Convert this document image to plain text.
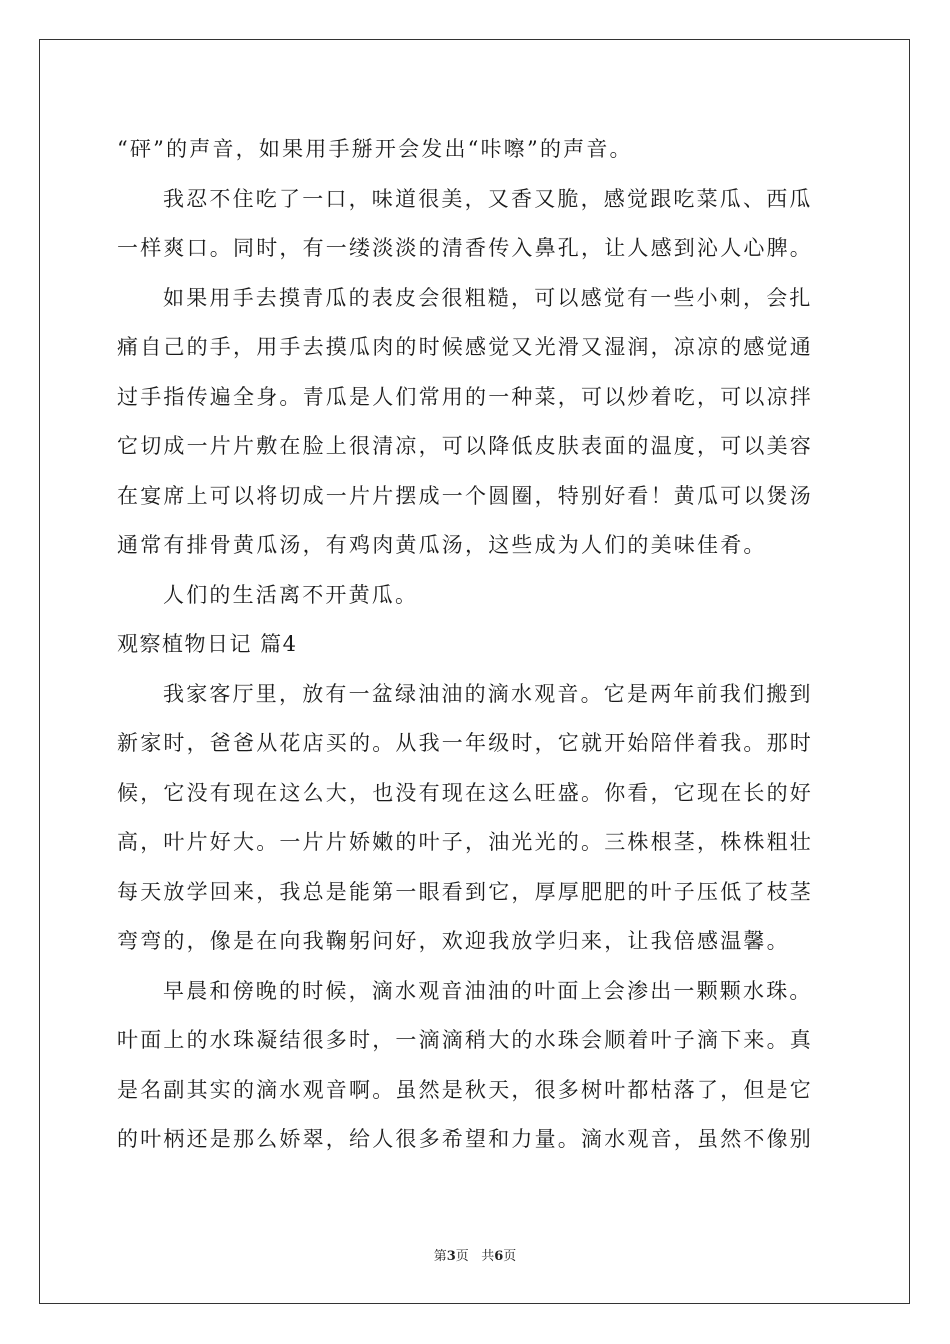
“砰”的声音，如果用手掰开会发出“咔嚓”的声音。
我忍不住吃了一口，味道很美，又香又脆，感觉跟吃菜瓜、西瓜
一样爽口。同时，有一缕淡淡的清香传入鼻孔，让人感到沁人心脾。
如果用手去摸青瓜的表皮会很粗糙，可以感觉有一些小刺，会扎
痛自己的手，用手去摸瓜肉的时候感觉又光滑又湿润，凉凉的感觉通
过手指传遍全身。青瓜是人们常用的一种菜，可以炒着吃，可以凉拌
它切成一片片敷在脸上很清凉，可以降低皮肤表面的温度，可以美容
在宴席上可以将切成一片片摆成一个圆圈，特别好看！黄瓜可以煲汤
通常有排骨黄瓜汤，有鸡肉黄瓜汤，这些成为人们的美味佳肴。
人们的生活离不开黄瓜。
观察植物日记 篇4
我家客厅里，放有一盆绿油油的滴水观音。它是两年前我们搬到
新家时，爸爸从花店买的。从我一年级时，它就开始陪伴着我。那时
候，它没有现在这么大，也没有现在这么旺盛。你看，它现在长的好
高，叶片好大。一片片娇嫩的叶子，油光光的。三株根茎，株株粗壮
每天放学回来，我总是能第一眼看到它，厚厚肥肥的叶子压低了枝茎
弯弯的，像是在向我鞠躬问好，欢迎我放学归来，让我倍感温馨。
早晨和傍晚的时候，滴水观音油油的叶面上会渗出一颗颗水珠。
叶面上的水珠凝结很多时，一滴滴稍大的水珠会顺着叶子滴下来。真
是名副其实的滴水观音啊。虽然是秋天，很多树叶都枯落了，但是它
的叶柄还是那么娇翠，给人很多希望和力量。滴水观音，虽然不像别
第3页 共6页
